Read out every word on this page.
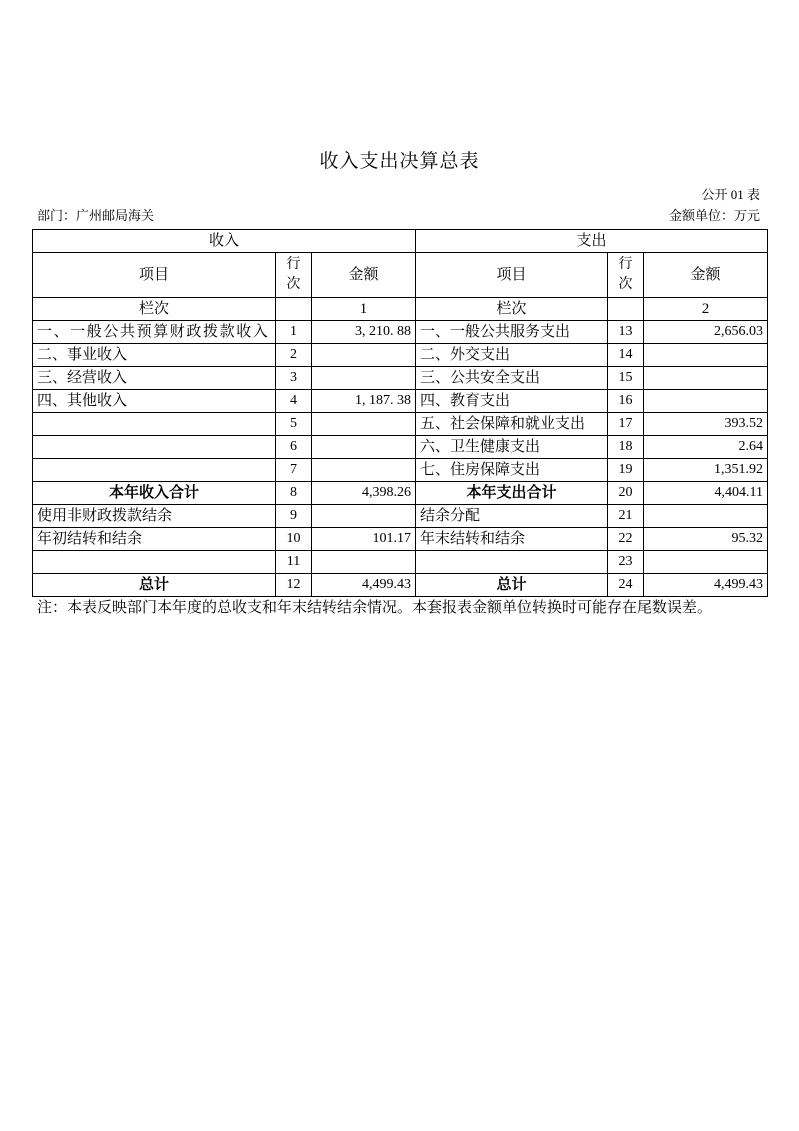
收入支出决算总表
公开 01 表
部门：广州邮局海关	金额单位：万元
收入			支出		
项目	行次	金额	项目	行次	金额
栏次		1	栏次		2
一、一般公共预算财政拨款收入	1	3, 210. 88	一、一般公共服务支出	13	2,656.03
二、事业收入	2		二、外交支出	14	
三、经营收入	3		三、公共安全支出	15	
四、其他收入	4	1, 187. 38	四、教育支出	16	
	5		五、社会保障和就业支出	17	393.52
	6		六、卫生健康支出	18	2.64
	7		七、住房保障支出	19	1,351.92
本年收入合计	8	4,398.26	本年支出合计	20	4,404.11
使用非财政拨款结余	9		结余分配	21	
年初结转和结余	10	101.17	年末结转和结余	22	95.32
	11			23	
总计	12	4,499.43	总计	24	4,499.43
注：本表反映部门本年度的总收支和年末结转结余情况。本套报表金额单位转换时可能存在尾数误差。
